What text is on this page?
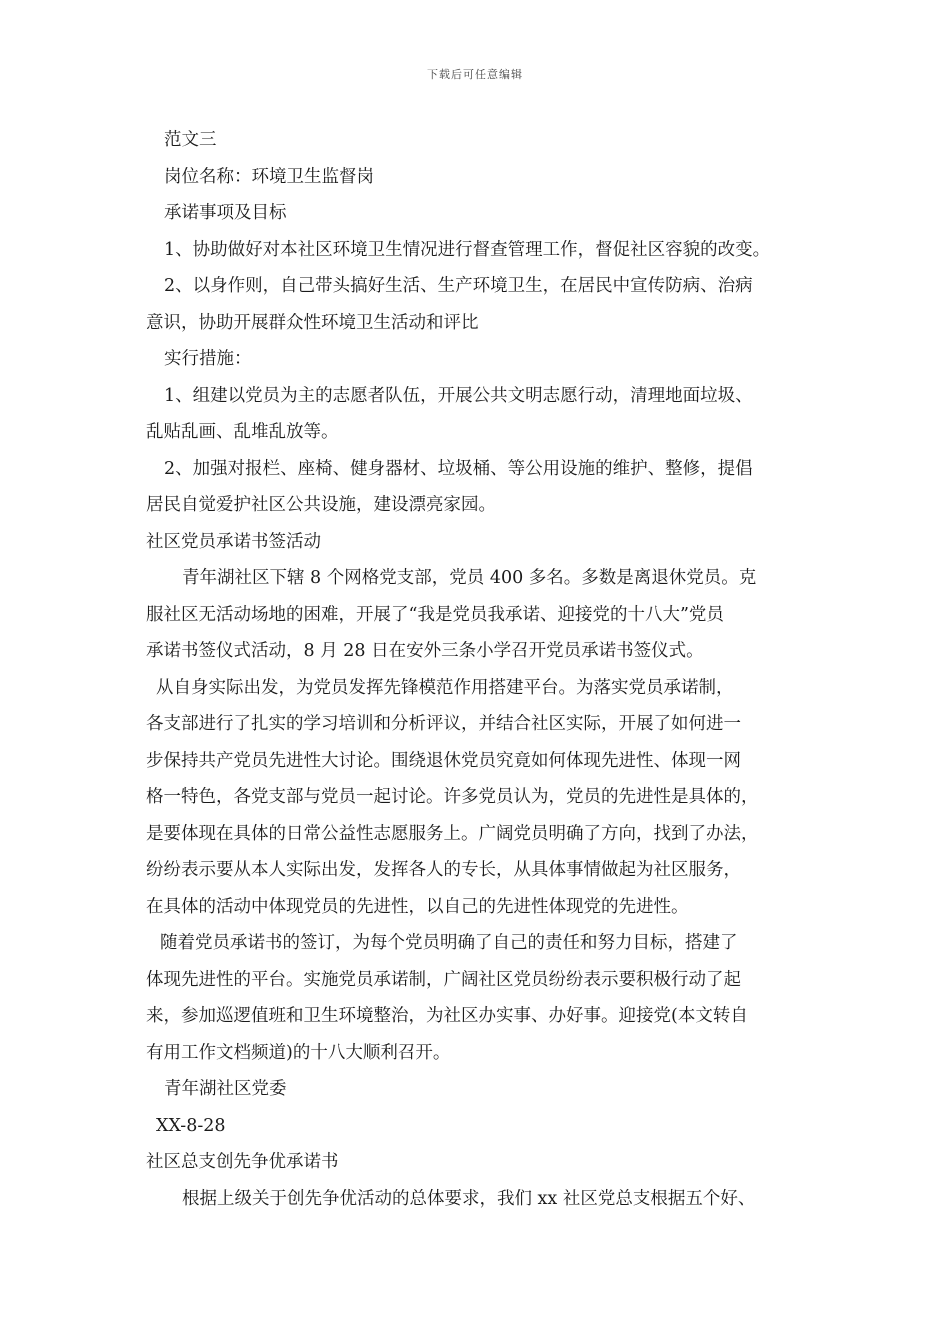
下载后可任意编辑
范文三
岗位名称：环境卫生监督岗
承诺事项及目标
1、协助做好对本社区环境卫生情况进行督查管理工作，督促社区容貌的改变。
2、以身作则，自己带头搞好生活、生产环境卫生，在居民中宣传防病、治病
意识，协助开展群众性环境卫生活动和评比
实行措施：
1、组建以党员为主的志愿者队伍，开展公共文明志愿行动，清理地面垃圾、
乱贴乱画、乱堆乱放等。
2、加强对报栏、座椅、健身器材、垃圾桶、等公用设施的维护、整修，提倡
居民自觉爱护社区公共设施，建设漂亮家园。
社区党员承诺书签活动
青年湖社区下辖 8 个网格党支部，党员 400 多名。多数是离退休党员。克
服社区无活动场地的困难，开展了“我是党员我承诺、迎接党的十八大”党员
承诺书签仪式活动，8 月 28 日在安外三条小学召开党员承诺书签仪式。
从自身实际出发，为党员发挥先锋模范作用搭建平台。为落实党员承诺制，
各支部进行了扎实的学习培训和分析评议，并结合社区实际，开展了如何进一
步保持共产党员先进性大讨论。围绕退休党员究竟如何体现先进性、体现一网
格一特色，各党支部与党员一起讨论。许多党员认为，党员的先进性是具体的，
是要体现在具体的日常公益性志愿服务上。广阔党员明确了方向，找到了办法，
纷纷表示要从本人实际出发，发挥各人的专长，从具体事情做起为社区服务，
在具体的活动中体现党员的先进性，以自己的先进性体现党的先进性。
随着党员承诺书的签订，为每个党员明确了自己的责任和努力目标，搭建了
体现先进性的平台。实施党员承诺制，广阔社区党员纷纷表示要积极行动了起
来，参加巡逻值班和卫生环境整治，为社区办实事、办好事。迎接党(本文转自
有用工作文档频道)的十八大顺利召开。
青年湖社区党委
XX-8-28
社区总支创先争优承诺书
根据上级关于创先争优活动的总体要求，我们 xx 社区党总支根据五个好、
